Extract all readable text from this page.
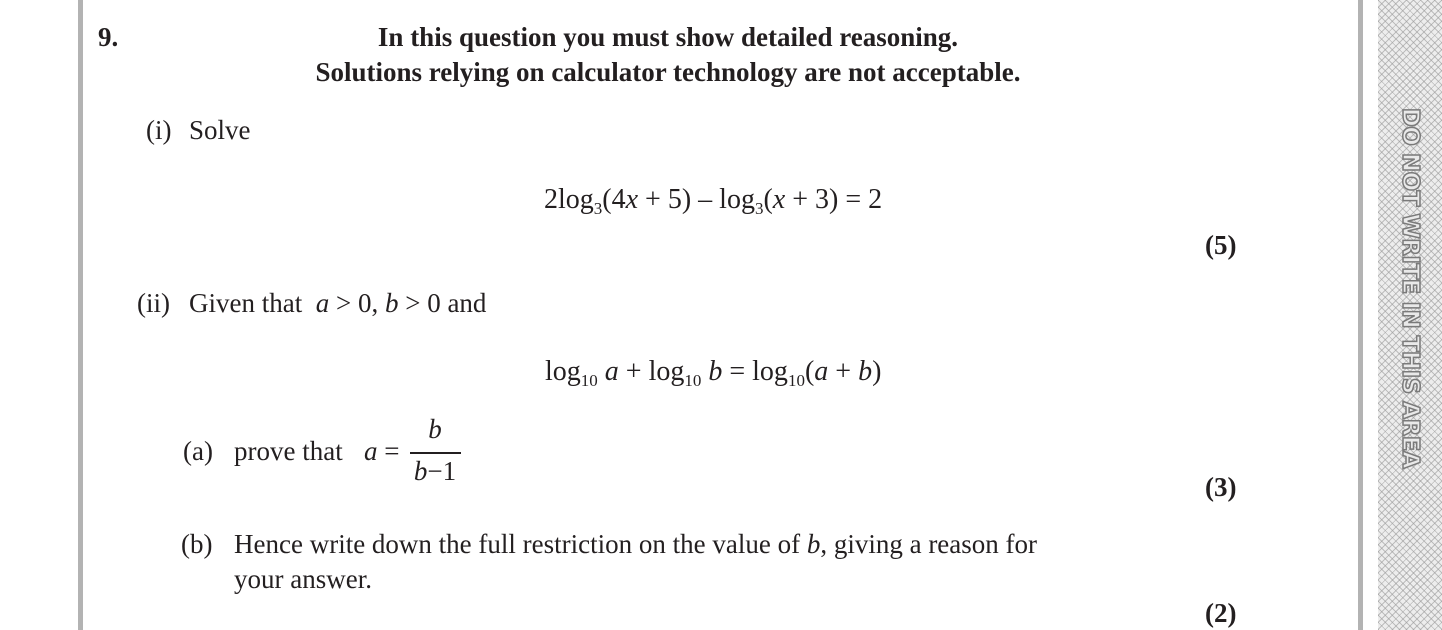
DO NOT WRITE IN THIS AREA
9.	In this question you must show detailed reasoning.
Solutions relying on calculator technology are not acceptable.
(i) Solve
$2\log_3(4x + 5) - \log_3(x + 3) = 2$
(5)
(ii) Given that  a > 0, b > 0 and
$\log_{10} a + \log_{10} b = \log_{10}(a + b)$
(a) prove that a =
b
b−1
(3)
(b) Hence write down the full restriction on the value of b, giving a reason for
your answer.
(2)
